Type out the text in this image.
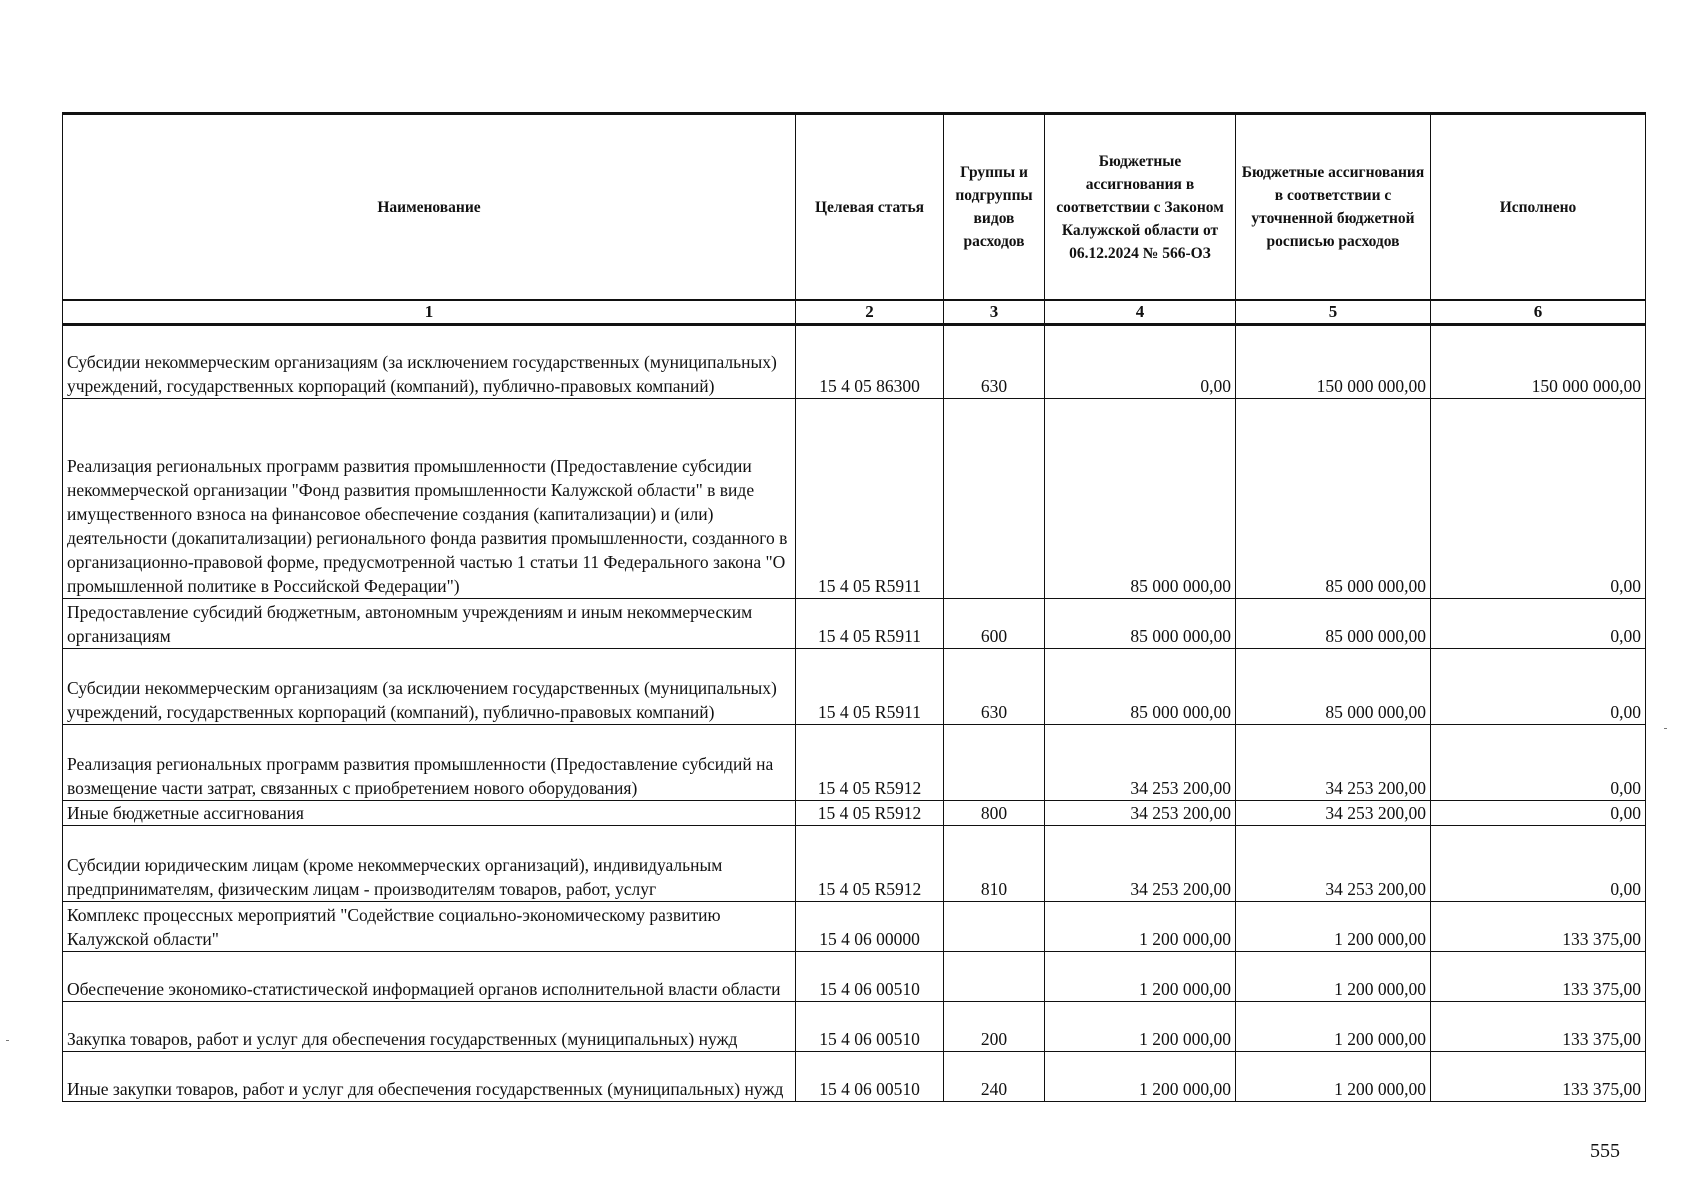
Наименование	Целевая статья	Группы и подгруппы видов расходов	Бюджетные ассигнования в соответствии с Законом Калужской области от 06.12.2024 № 566-ОЗ	Бюджетные ассигнования в соответствии с уточненной бюджетной росписью расходов	Исполнено
1	2	3	4	5	6
Субсидии некоммерческим организациям (за исключением государственных (муниципальных) учреждений, государственных корпораций (компаний), публично-правовых компаний)	15 4 05 86300	630	0,00	150 000 000,00	150 000 000,00
Реализация региональных программ развития промышленности (Предоставление субсидии некоммерческой организации "Фонд развития промышленности Калужской области" в виде имущественного взноса на финансовое обеспечение создания (капитализации) и (или) деятельности (докапитализации) регионального фонда развития промышленности, созданного в организационно-правовой форме, предусмотренной частью 1 статьи 11 Федерального закона "О промышленной политике в Российской Федерации")	15 4 05 R5911		85 000 000,00	85 000 000,00	0,00
Предоставление субсидий бюджетным, автономным учреждениям и иным некоммерческим организациям	15 4 05 R5911	600	85 000 000,00	85 000 000,00	0,00
Субсидии некоммерческим организациям (за исключением государственных (муниципальных) учреждений, государственных корпораций (компаний), публично-правовых компаний)	15 4 05 R5911	630	85 000 000,00	85 000 000,00	0,00
Реализация региональных программ развития промышленности (Предоставление субсидий на возмещение части затрат, связанных с приобретением нового оборудования)	15 4 05 R5912		34 253 200,00	34 253 200,00	0,00
Иные бюджетные ассигнования	15 4 05 R5912	800	34 253 200,00	34 253 200,00	0,00
Субсидии юридическим лицам (кроме некоммерческих организаций), индивидуальным предпринимателям, физическим лицам - производителям товаров, работ, услуг	15 4 05 R5912	810	34 253 200,00	34 253 200,00	0,00
Комплекс процессных мероприятий "Содействие социально-экономическому развитию Калужской области"	15 4 06 00000		1 200 000,00	1 200 000,00	133 375,00
Обеспечение экономико-статистической информацией органов исполнительной власти области	15 4 06 00510		1 200 000,00	1 200 000,00	133 375,00
Закупка товаров, работ и услуг для обеспечения государственных (муниципальных) нужд	15 4 06 00510	200	1 200 000,00	1 200 000,00	133 375,00
Иные закупки товаров, работ и услуг для обеспечения государственных (муниципальных) нужд	15 4 06 00510	240	1 200 000,00	1 200 000,00	133 375,00
555
